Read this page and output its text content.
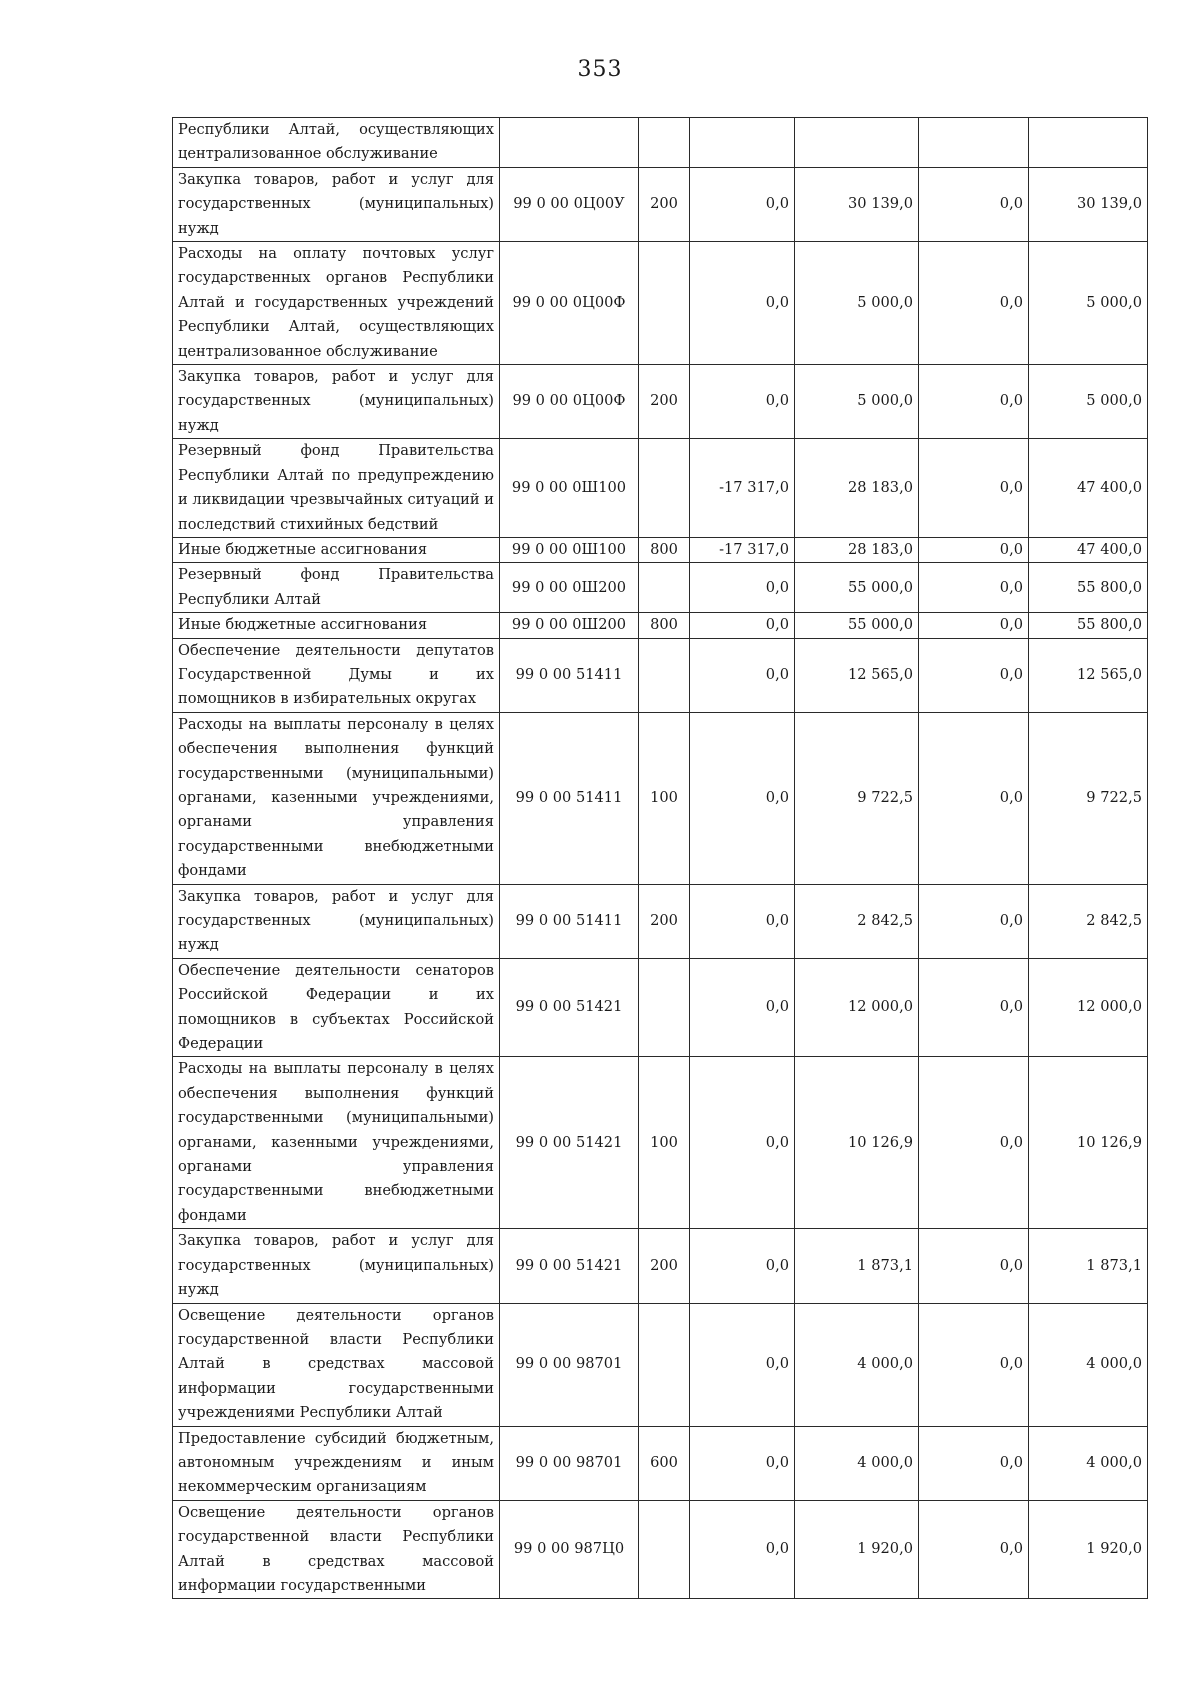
353
Республики Алтай, осуществляющих централизованное обслуживание						
Закупка товаров, работ и услуг для государственных (муниципальных) нужд	99 0 00 0Ц00У	200	0,0	30 139,0	0,0	30 139,0
Расходы на оплату почтовых услуг государственных органов Республики Алтай и государственных учреждений Республики Алтай, осуществляющих централизованное обслуживание	99 0 00 0Ц00Ф		0,0	5 000,0	0,0	5 000,0
Закупка товаров, работ и услуг для государственных (муниципальных) нужд	99 0 00 0Ц00Ф	200	0,0	5 000,0	0,0	5 000,0
Резервный фонд Правительства Республики Алтай по предупреждению и ликвидации чрезвычайных ситуаций и последствий стихийных бедствий	99 0 00 0Ш100		-17 317,0	28 183,0	0,0	47 400,0
Иные бюджетные ассигнования	99 0 00 0Ш100	800	-17 317,0	28 183,0	0,0	47 400,0
Резервный фонд Правительства Республики Алтай	99 0 00 0Ш200		0,0	55 000,0	0,0	55 800,0
Иные бюджетные ассигнования	99 0 00 0Ш200	800	0,0	55 000,0	0,0	55 800,0
Обеспечение деятельности депутатов Государственной Думы и их помощников в избирательных округах	99 0 00 51411		0,0	12 565,0	0,0	12 565,0
Расходы на выплаты персоналу в целях обеспечения выполнения функций государственными (муниципальными) органами, казенными учреждениями, органами управления государственными внебюджетными фондами	99 0 00 51411	100	0,0	9 722,5	0,0	9 722,5
Закупка товаров, работ и услуг для государственных (муниципальных) нужд	99 0 00 51411	200	0,0	2 842,5	0,0	2 842,5
Обеспечение деятельности сенаторов Российской Федерации и их помощников в субъектах Российской Федерации	99 0 00 51421		0,0	12 000,0	0,0	12 000,0
Расходы на выплаты персоналу в целях обеспечения выполнения функций государственными (муниципальными) органами, казенными учреждениями, органами управления государственными внебюджетными фондами	99 0 00 51421	100	0,0	10 126,9	0,0	10 126,9
Закупка товаров, работ и услуг для государственных (муниципальных) нужд	99 0 00 51421	200	0,0	1 873,1	0,0	1 873,1
Освещение деятельности органов государственной власти Республики Алтай в средствах массовой информации государственными учреждениями Республики Алтай	99 0 00 98701		0,0	4 000,0	0,0	4 000,0
Предоставление субсидий бюджетным, автономным учреждениям и иным некоммерческим организациям	99 0 00 98701	600	0,0	4 000,0	0,0	4 000,0
Освещение деятельности органов государственной власти Республики Алтай в средствах массовой информации государственными	99 0 00 987Ц0		0,0	1 920,0	0,0	1 920,0
